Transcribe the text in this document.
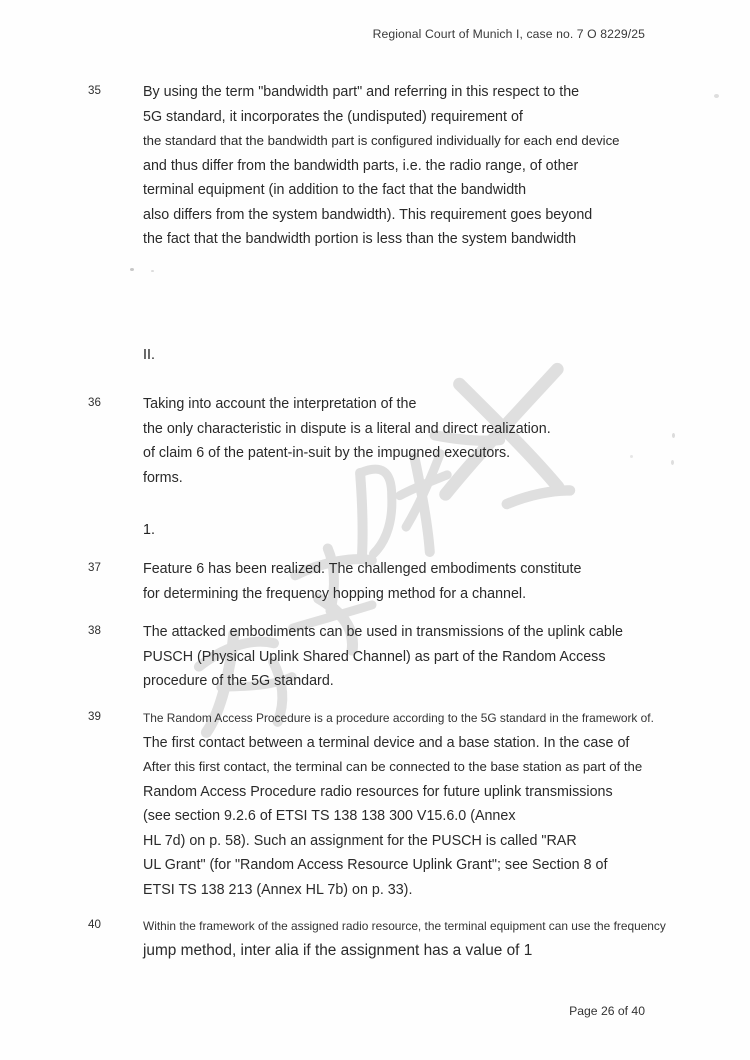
Regional Court of Munich I, case no. 7 O 8229/25
35	By using the term "bandwidth part" and referring in this respect to the
5G standard, it incorporates the (undisputed) requirement of
the standard that the bandwidth part is configured individually for each end device
and thus differ from the bandwidth parts, i.e. the radio range, of other
terminal equipment (in addition to the fact that the bandwidth
also differs from the system bandwidth). This requirement goes beyond
the fact that the bandwidth portion is less than the system bandwidth
II.
36	Taking into account the interpretation of the
the only characteristic in dispute is a literal and direct realization.
of claim 6 of the patent-in-suit by the impugned executors.
forms.
1.
37	Feature 6 has been realized. The challenged embodiments constitute
for determining the frequency hopping method for a channel.
38	The attacked embodiments can be used in transmissions of the uplink cable
PUSCH (Physical Uplink Shared Channel) as part of the Random Access
procedure of the 5G standard.
39	The Random Access Procedure is a procedure according to the 5G standard in the framework of.
The first contact between a terminal device and a base station. In the case of
After this first contact, the terminal can be connected to the base station as part of the
Random Access Procedure radio resources for future uplink transmissions
(see section 9.2.6 of ETSI TS 138 138 300 V15.6.0 (Annex
HL 7d) on p. 58). Such an assignment for the PUSCH is called "RAR
UL Grant" (for "Random Access Resource Uplink Grant"; see Section 8 of
ETSI TS 138 213 (Annex HL 7b) on p. 33).
40	Within the framework of the assigned radio resource, the terminal equipment can use the frequency
jump method, inter alia if the assignment has a value of 1
Page 26 of 40
